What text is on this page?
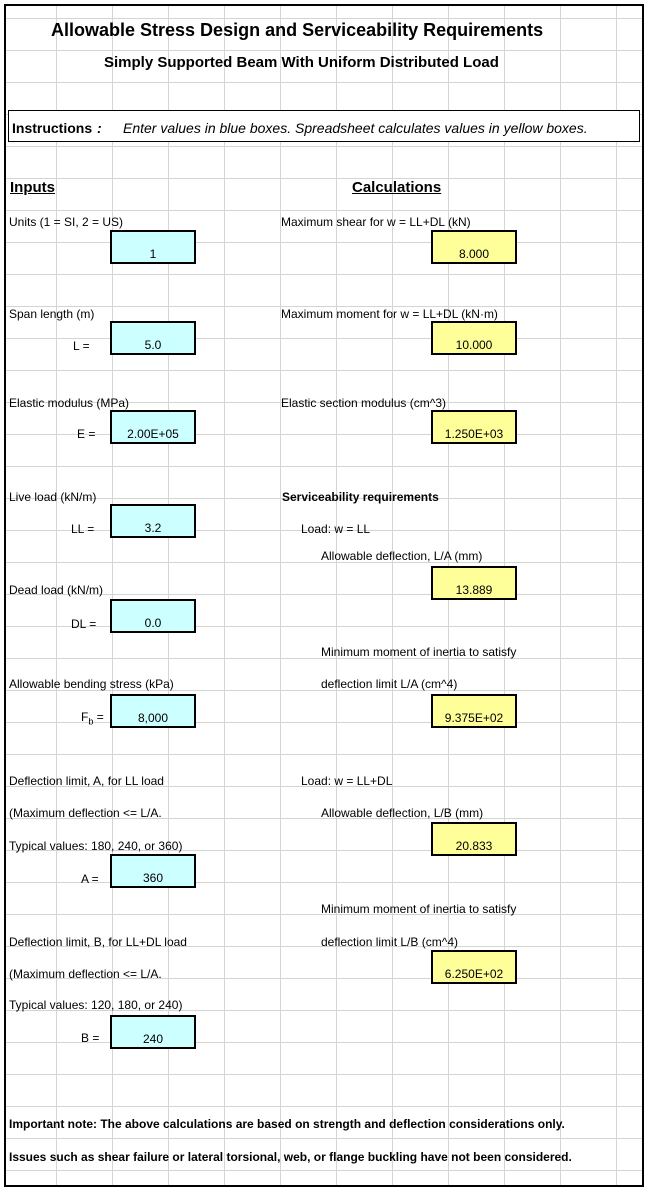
Allowable Stress Design and Serviceability Requirements
Simply Supported Beam With Uniform Distributed Load
Instructions : Enter values in blue boxes. Spreadsheet calculates values in yellow boxes.
Inputs
Units (1 = SI, 2 = US)
1
Span length (m)
L =	5.0
Elastic modulus (MPa)
E =	2.00E+05
Live load (kN/m)
LL =	3.2
Dead load (kN/m)
DL =	0.0
Allowable bending stress (kPa)
$F_b$ =	8,000
Deflection limit, A, for LL load
(Maximum deflection <= L/A.
Typical values: 180, 240, or 360)
A =	360
Deflection limit, B, for LL+DL load
(Maximum deflection <= L/A.
Typical values: 120, 180, or 240)
B =	240
Calculations
Maximum shear for w = LL+DL (kN)
8.000
Maximum moment for w = LL+DL (kN·m)
10.000
Elastic section modulus (cm^3)
1.250E+03
Serviceability requirements
Load: w = LL
Allowable deflection, L/A (mm)
13.889
Minimum moment of inertia to satisfy
deflection limit L/A (cm^4)
9.375E+02
Load: w = LL+DL
Allowable deflection, L/B (mm)
20.833
Minimum moment of inertia to satisfy
deflection limit L/B (cm^4)
6.250E+02
Important note: The above calculations are based on strength and deflection considerations only.
Issues such as shear failure or lateral torsional, web, or flange buckling have not been considered.
